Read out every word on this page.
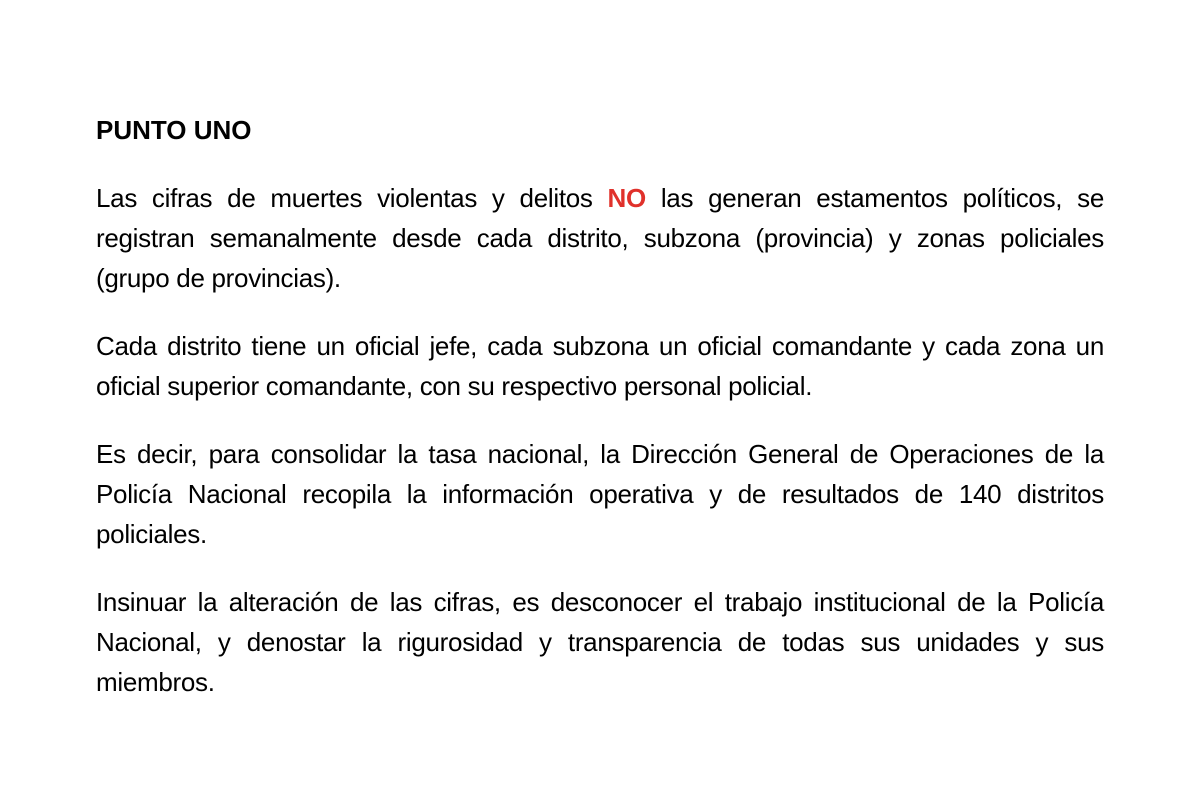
PUNTO UNO

Las cifras de muertes violentas y delitos NO las generan estamentos políticos, se registran semanalmente desde cada distrito, subzona (provincia) y zonas policiales (grupo de provincias).

Cada distrito tiene un oficial jefe, cada subzona un oficial comandante y cada zona un oficial superior comandante, con su respectivo personal policial.

Es decir, para consolidar la tasa nacional, la Dirección General de Operaciones de la Policía Nacional recopila la información operativa y de resultados de 140 distritos policiales.

Insinuar la alteración de las cifras, es desconocer el trabajo institucional de la Policía Nacional, y denostar la rigurosidad y transparencia de todas sus unidades y sus miembros.
